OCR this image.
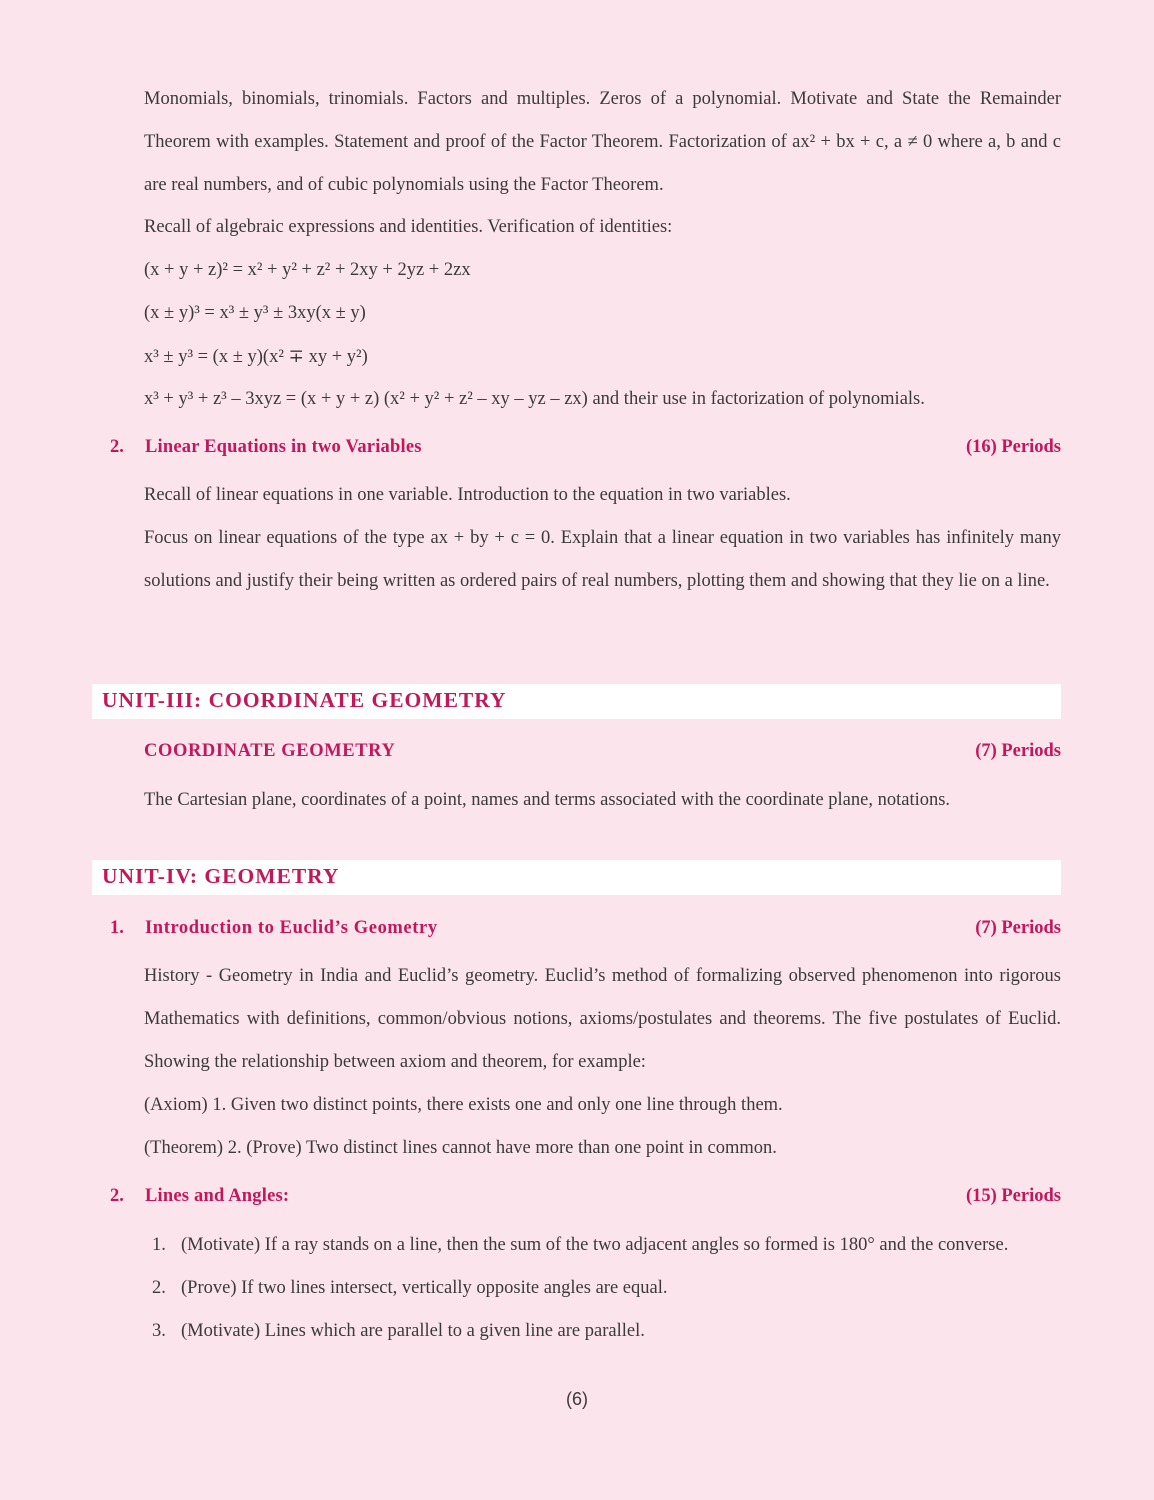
Monomials, binomials, trinomials. Factors and multiples. Zeros of a polynomial. Motivate and State the Remainder Theorem with examples. Statement and proof of the Factor Theorem. Factorization of ax² + bx + c, a ≠ 0 where a, b and c are real numbers, and of cubic polynomials using the Factor Theorem.

Recall of algebraic expressions and identities. Verification of identities:
(x + y + z)² = x² + y² + z² + 2xy + 2yz + 2zx
(x ± y)³ = x³ ± y³ ± 3xy(x ± y)
x³ ± y³ = (x ± y)(x² ∓ xy + y²)
x³ + y³ + z³ – 3xyz = (x + y + z) (x² + y² + z² – xy – yz – zx) and their use in factorization of polynomials.
2. Linear Equations in two Variables	(16) Periods
Recall of linear equations in one variable. Introduction to the equation in two variables.

Focus on linear equations of the type ax + by + c = 0. Explain that a linear equation in two variables has infinitely many solutions and justify their being written as ordered pairs of real numbers, plotting them and showing that they lie on a line.

UNIT-III: COORDINATE GEOMETRY
COORDINATE GEOMETRY	(7) Periods
The Cartesian plane, coordinates of a point, names and terms associated with the coordinate plane, notations.
UNIT-IV: GEOMETRY
1. Introduction to Euclid’s Geometry	(7) Periods

History - Geometry in India and Euclid’s geometry. Euclid’s method of formalizing observed phenomenon into rigorous Mathematics with definitions, common/obvious notions, axioms/postulates and theorems. The five postulates of Euclid. Showing the relationship between axiom and theorem, for example:

(Axiom) 1. Given two distinct points, there exists one and only one line through them.
(Theorem) 2. (Prove) Two distinct lines cannot have more than one point in common.
2. Lines and Angles:	(15) Periods
1. (Motivate) If a ray stands on a line, then the sum of the two adjacent angles so formed is 180° and the converse.
2. (Prove) If two lines intersect, vertically opposite angles are equal.
3. (Motivate) Lines which are parallel to a given line are parallel.
(6)
